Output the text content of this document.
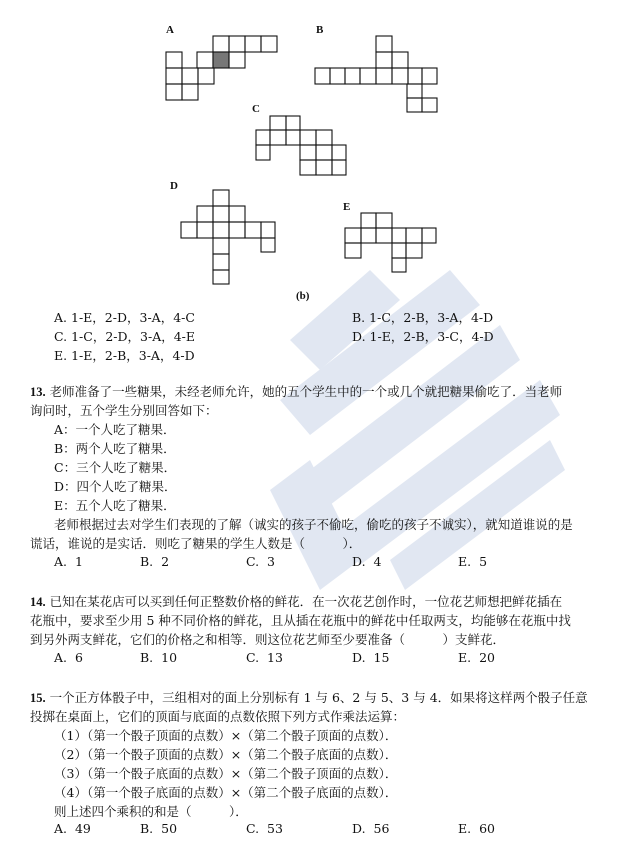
A	B
C
D
E
(b)
A. 1-E，2-D，3-A，4-C	B. 1-C，2-B，3-A，4-D
C. 1-C，2-D，3-A，4-E	D. 1-E，2-B，3-C，4-D
E. 1-E，2-B，3-A，4-D
13. 老师准备了一些糖果，未经老师允许，她的五个学生中的一个或几个就把糖果偷吃了．当老师
询问时，五个学生分别回答如下：
A：一个人吃了糖果．
B：两个人吃了糖果．
C：三个人吃了糖果．
D：四个人吃了糖果．
E：五个人吃了糖果．
老师根据过去对学生们表现的了解（诚实的孩子不偷吃，偷吃的孩子不诚实），就知道谁说的是
谎话，谁说的是实话．则吃了糖果的学生人数是（　　　）．
A. 1	B. 2	C. 3	D. 4	E. 5
14. 已知在某花店可以买到任何正整数价格的鲜花．在一次花艺创作时，一位花艺师想把鲜花插在
花瓶中，要求至少用 5 种不同价格的鲜花，且从插在花瓶中的鲜花中任取两支，均能够在花瓶中找
到另外两支鲜花，它们的价格之和相等．则这位花艺师至少要准备（　　　）支鲜花．
A. 6	B. 10	C. 13	D. 15	E. 20
15. 一个正方体骰子中，三组相对的面上分别标有 1 与 6、2 与 5、3 与 4．如果将这样两个骰子任意
投掷在桌面上，它们的顶面与底面的点数依照下列方式作乘法运算：
（1）（第一个骰子顶面的点数）×（第二个骰子顶面的点数）．
（2）（第一个骰子顶面的点数）×（第二个骰子底面的点数）．
（3）（第一个骰子底面的点数）×（第二个骰子顶面的点数）．
（4）（第一个骰子底面的点数）×（第二个骰子底面的点数）．
则上述四个乘积的和是（　　　）．
A. 49	B. 50	C. 53	D. 56	E. 60
